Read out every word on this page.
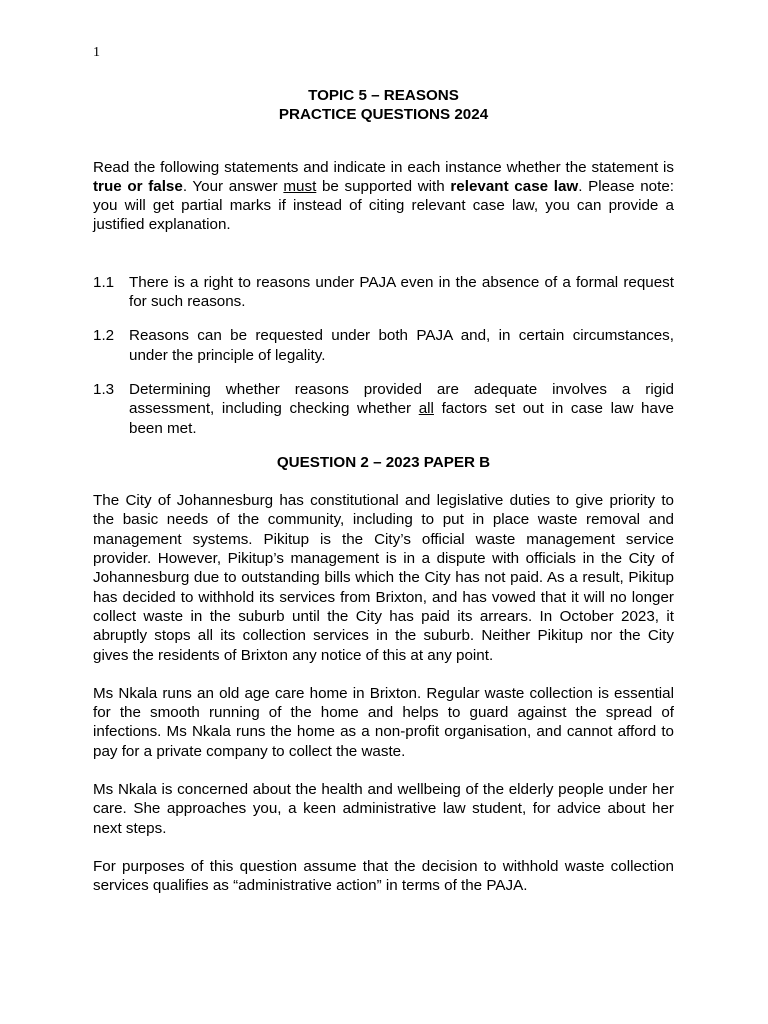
1
TOPIC 5 – REASONS
PRACTICE QUESTIONS 2024

Read the following statements and indicate in each instance whether the statement is true or false. Your answer must be supported with relevant case law. Please note: you will get partial marks if instead of citing relevant case law, you can provide a justified explanation.

1.1 There is a right to reasons under PAJA even in the absence of a formal request for such reasons.
1.2 Reasons can be requested under both PAJA and, in certain circumstances, under the principle of legality.
1.3 Determining whether reasons provided are adequate involves a rigid assessment, including checking whether all factors set out in case law have been met.
QUESTION 2 – 2023 PAPER B

The City of Johannesburg has constitutional and legislative duties to give priority to the basic needs of the community, including to put in place waste removal and management systems. Pikitup is the City’s official waste management service provider. However, Pikitup’s management is in a dispute with officials in the City of Johannesburg due to outstanding bills which the City has not paid. As a result, Pikitup has decided to withhold its services from Brixton, and has vowed that it will no longer collect waste in the suburb until the City has paid its arrears. In October 2023, it abruptly stops all its collection services in the suburb. Neither Pikitup nor the City gives the residents of Brixton any notice of this at any point.

Ms Nkala runs an old age care home in Brixton. Regular waste collection is essential for the smooth running of the home and helps to guard against the spread of infections. Ms Nkala runs the home as a non-profit organisation, and cannot afford to pay for a private company to collect the waste.

Ms Nkala is concerned about the health and wellbeing of the elderly people under her care. She approaches you, a keen administrative law student, for advice about her next steps.

For purposes of this question assume that the decision to withhold waste collection services qualifies as “administrative action” in terms of the PAJA.
